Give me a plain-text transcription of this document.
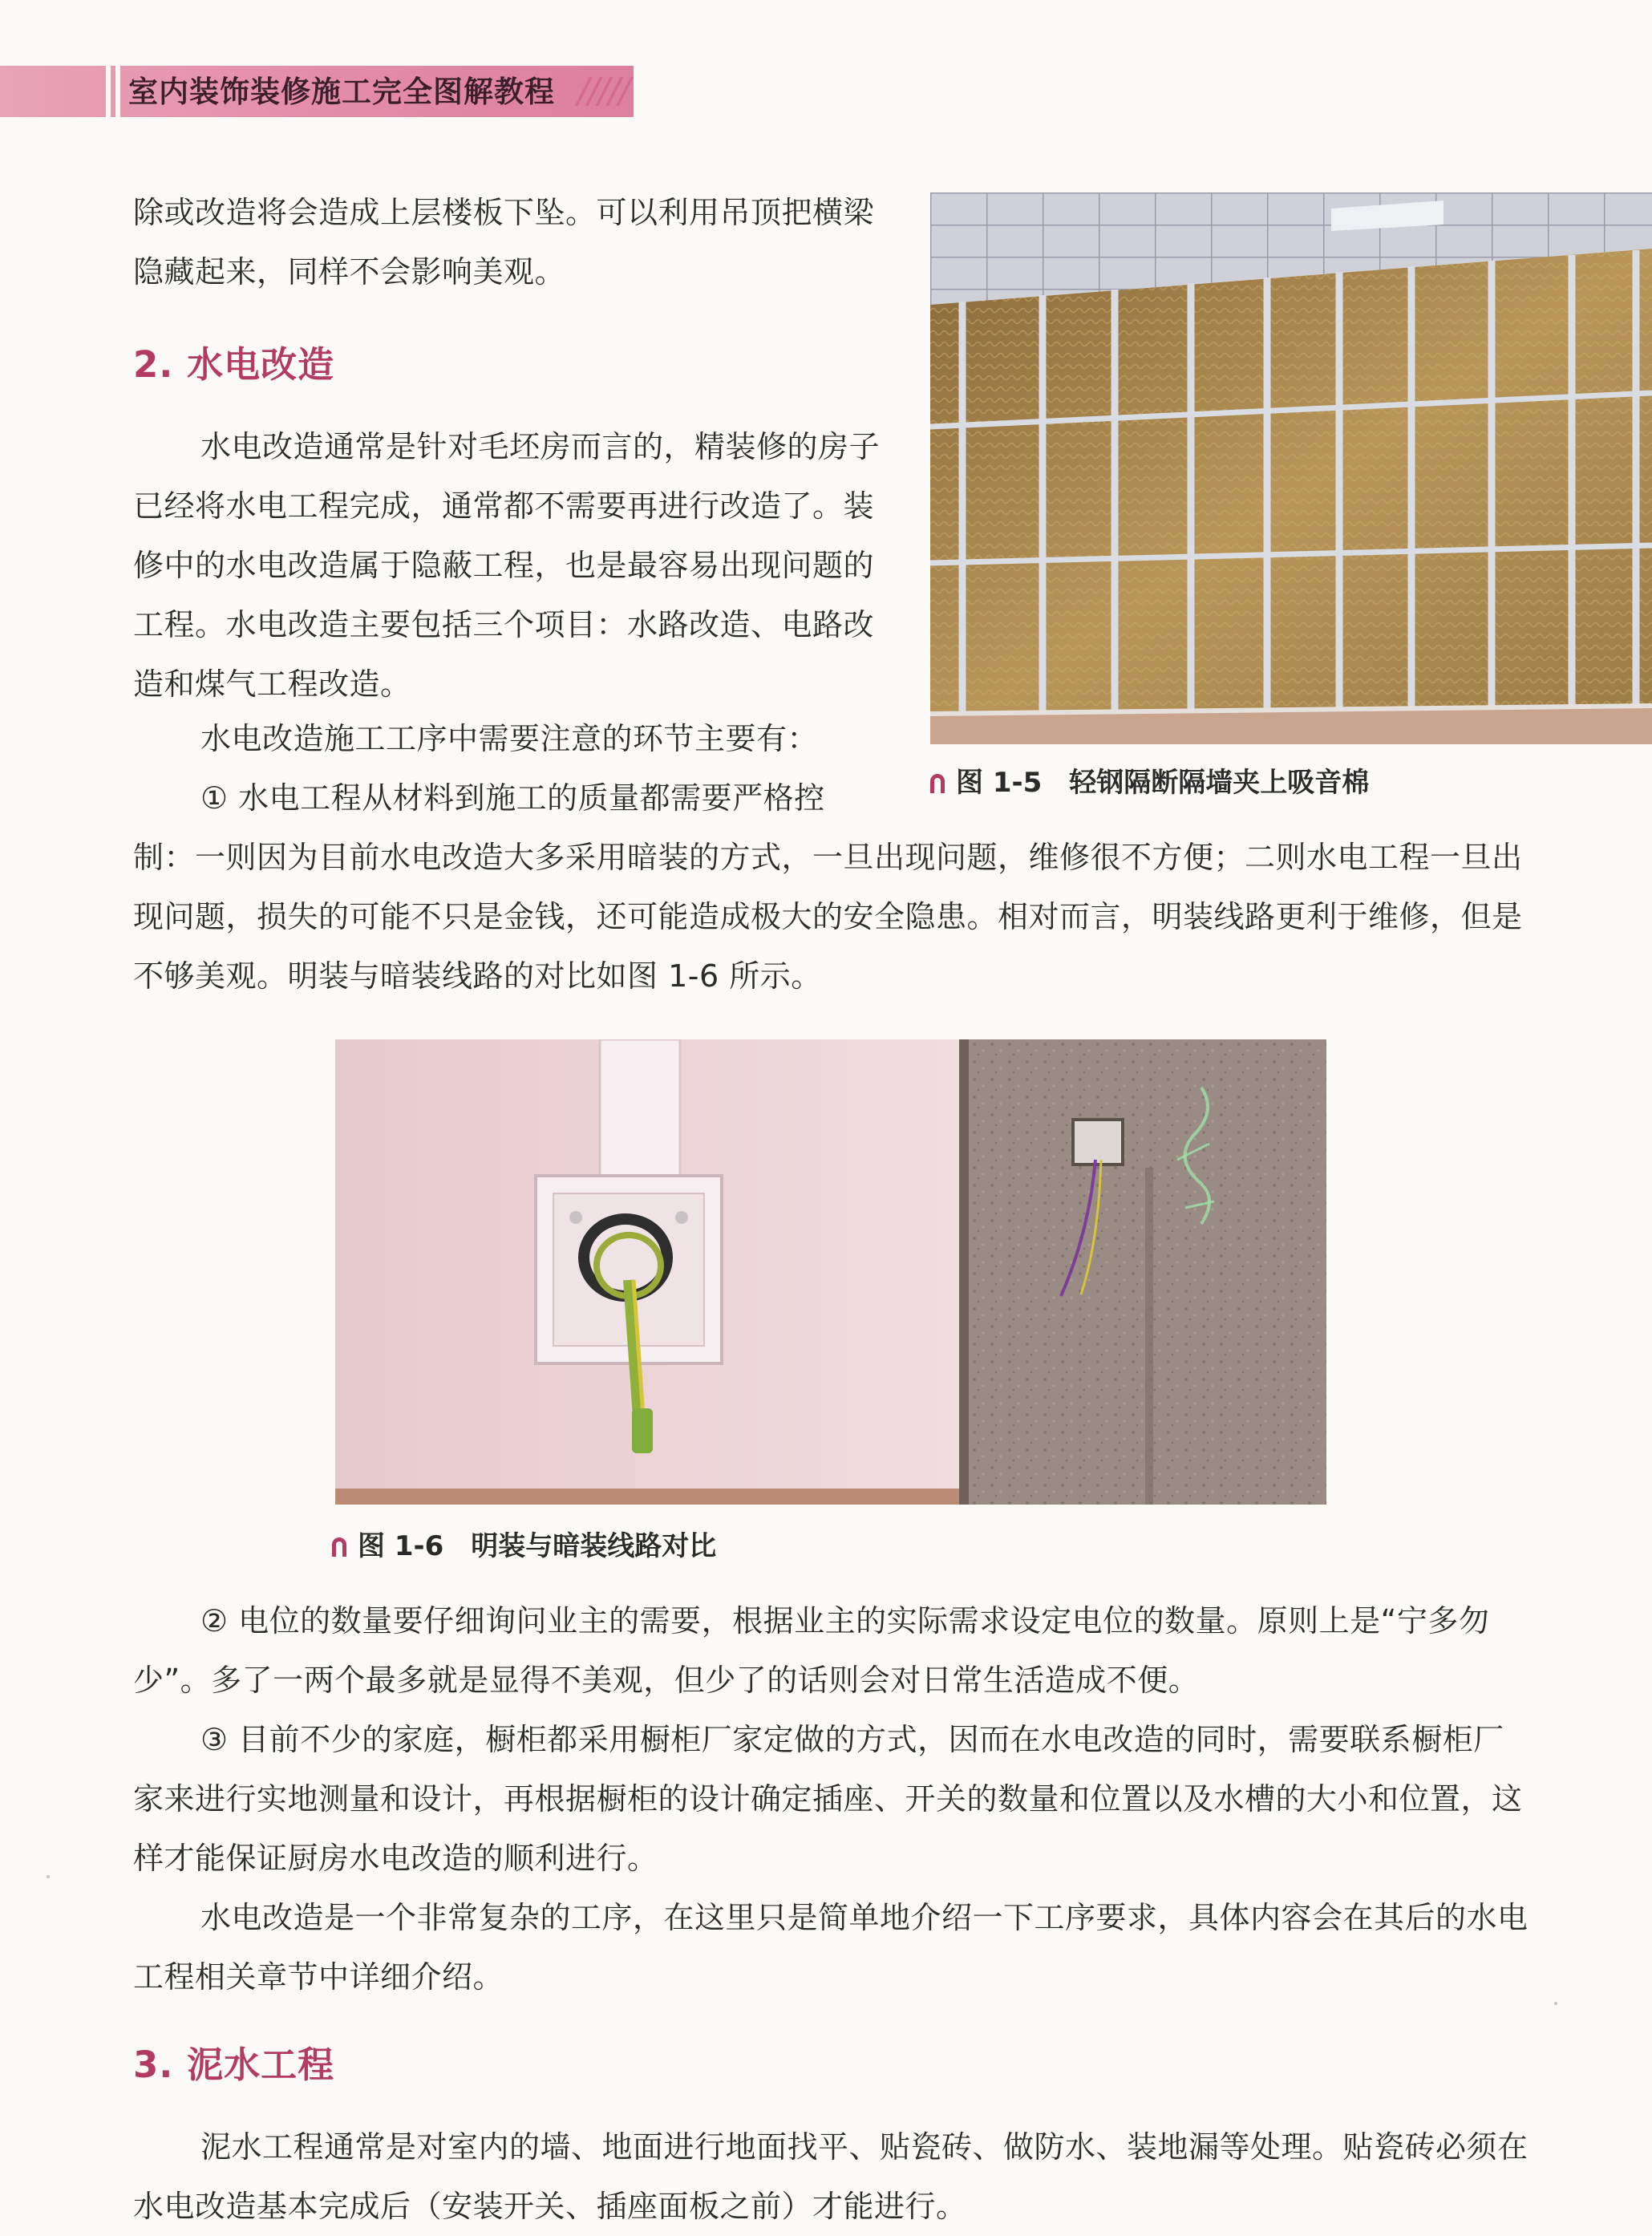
室内装饰装修施工完全图解教程 /////
除或改造将会造成上层楼板下坠。可以利用吊顶把横梁隐藏起来，同样不会影响美观。
2. 水电改造
水电改造通常是针对毛坯房而言的，精装修的房子已经将水电工程完成，通常都不需要再进行改造了。装修中的水电改造属于隐蔽工程，也是最容易出现问题的工程。水电改造主要包括三个项目：水路改造、电路改造和煤气工程改造。
水电改造施工工序中需要注意的环节主要有：
① 水电工程从材料到施工的质量都需要严格控
制：一则因为目前水电改造大多采用暗装的方式，一旦出现问题，维修很不方便；二则水电工程一旦出现问题，损失的可能不只是金钱，还可能造成极大的安全隐患。相对而言，明装线路更利于维修，但是不够美观。明装与暗装线路的对比如图 1-6 所示。
图 1-5 轻钢隔断隔墙夹上吸音棉
图 1-6 明装与暗装线路对比
② 电位的数量要仔细询问业主的需要，根据业主的实际需求设定电位的数量。原则上是“宁多勿少”。多了一两个最多就是显得不美观，但少了的话则会对日常生活造成不便。
③ 目前不少的家庭，橱柜都采用橱柜厂家定做的方式，因而在水电改造的同时，需要联系橱柜厂家来进行实地测量和设计，再根据橱柜的设计确定插座、开关的数量和位置以及水槽的大小和位置，这样才能保证厨房水电改造的顺利进行。
水电改造是一个非常复杂的工序，在这里只是简单地介绍一下工序要求，具体内容会在其后的水电工程相关章节中详细介绍。
3. 泥水工程
泥水工程通常是对室内的墙、地面进行地面找平、贴瓷砖、做防水、装地漏等处理。贴瓷砖必须在水电改造基本完成后（安装开关、插座面板之前）才能进行。
